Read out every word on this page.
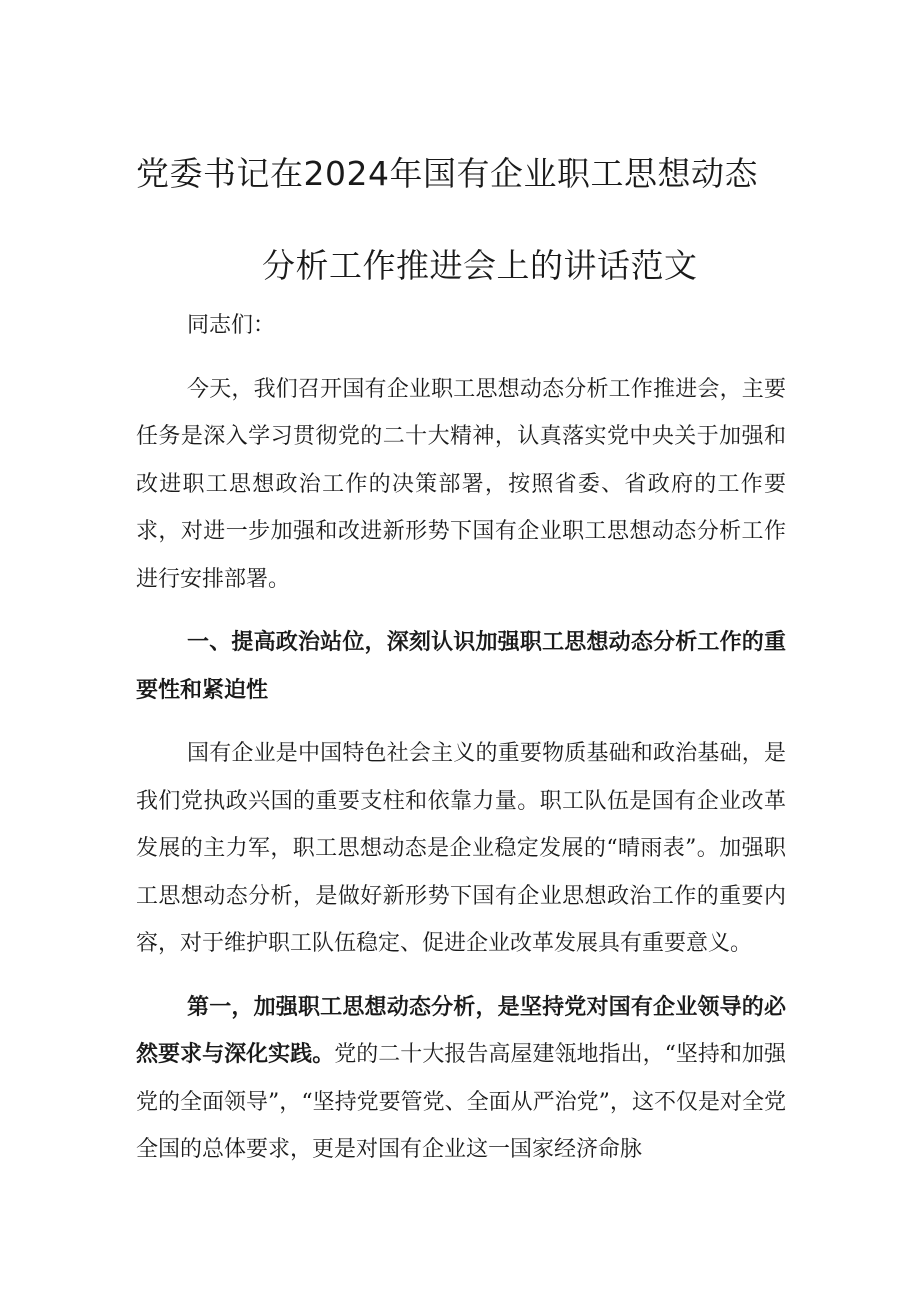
党委书记在2024年国有企业职工思想动态
分析工作推进会上的讲话范文

同志们：

今天，我们召开国有企业职工思想动态分析工作推进会，主要任务是深入学习贯彻党的二十大精神，认真落实党中央关于加强和改进职工思想政治工作的决策部署，按照省委、省政府的工作要求，对进一步加强和改进新形势下国有企业职工思想动态分析工作进行安排部署。

一、提高政治站位，深刻认识加强职工思想动态分析工作的重要性和紧迫性

国有企业是中国特色社会主义的重要物质基础和政治基础，是我们党执政兴国的重要支柱和依靠力量。职工队伍是国有企业改革发展的主力军，职工思想动态是企业稳定发展的“晴雨表”。加强职工思想动态分析，是做好新形势下国有企业思想政治工作的重要内容，对于维护职工队伍稳定、促进企业改革发展具有重要意义。

第一，加强职工思想动态分析，是坚持党对国有企业领导的必然要求与深化实践。党的二十大报告高屋建瓴地指出，“坚持和加强党的全面领导”，“坚持党要管党、全面从严治党”，这不仅是对全党全国的总体要求，更是对国有企业这一国家经济命脉
